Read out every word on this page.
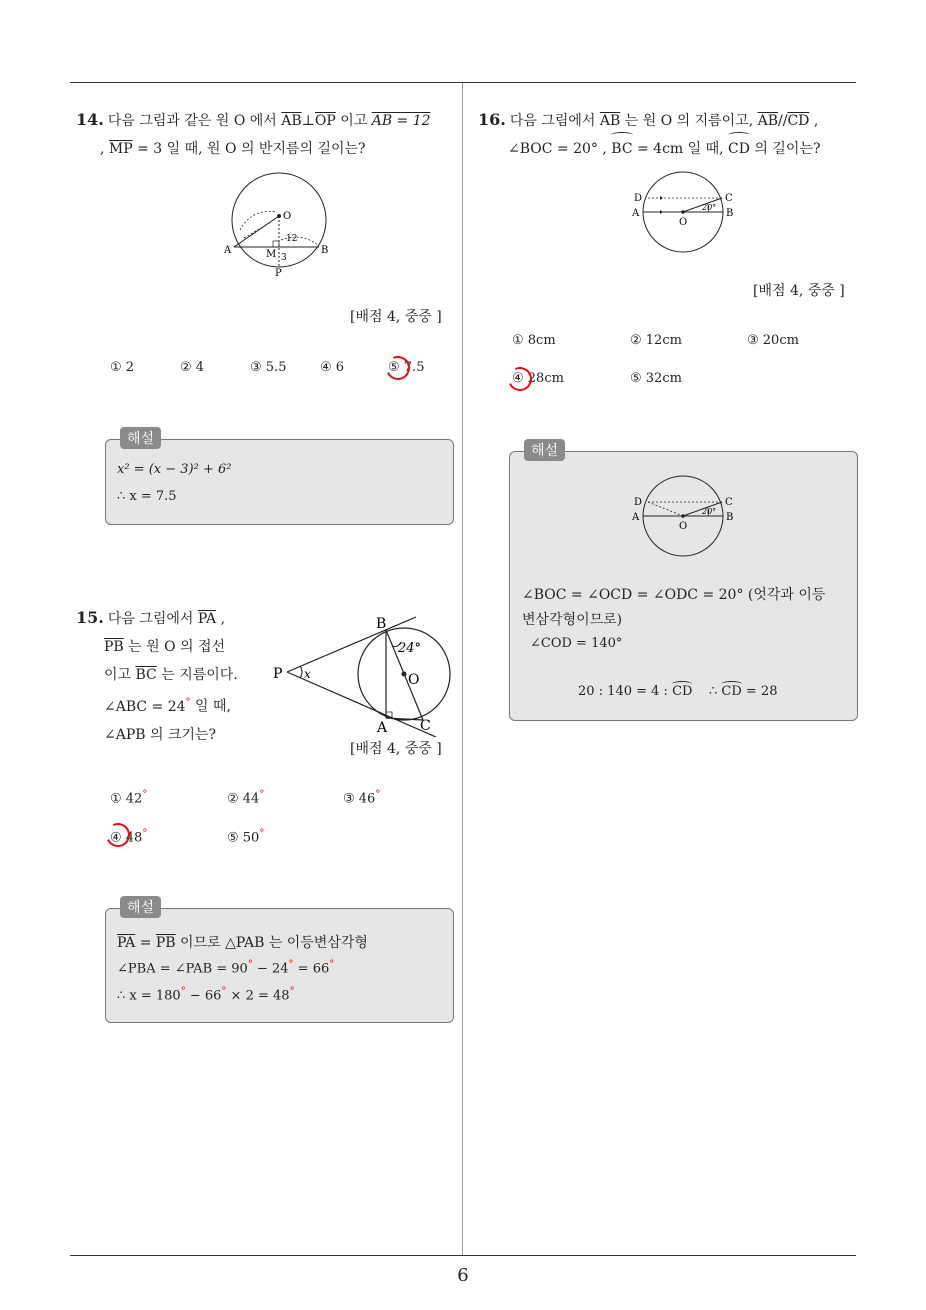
14. 다음 그림과 같은 원 O 에서 $\overline{AB}\perp\overline{OP}$ 이고 AB = 12
, $\overline{MP} = 3$ 일 때, 원 O 의 반지름의 길이는?
O
A	B
12
M 3
P
[배점 4, 중중 ]
① 2	② 4	③ 5.5	④ 6	⑤ 7.5
해설
x² = (x − 3)² + 6²
∴ x = 7.5
15. 다음 그림에서 $\overline{PA}$ ,
$\overline{PB}$ 는 원 O 의 접선
이고 $\overline{BC}$ 는 지름이다.
∠ABC = 24° 일 때,
∠APB 의 크기는?
B
P x
24°
O
A C
[배점 4, 중중 ]
① 42°	② 44°	③ 46°
④ 48°	⑤ 50°
해설
$\overline{PA} = \overline{PB}$ 이므로 △PAB 는 이등변삼각형
∠PBA = ∠PAB = 90° − 24° = 66°
∴ x = 180° − 66° × 2 = 48°
16. 다음 그림에서 $\overline{AB}$ 는 원 O 의 지름이고, $\overline{AB}//\overline{CD}$ ,
∠BOC = 20° , BC = 4cm 일 때, CD 의 길이는?
D	C
A	B
O
20°
[배점 4, 중중 ]
① 8cm	② 12cm	③ 20cm
④ 28cm	⑤ 32cm
해설
D	C
A	B
O
20°
∠BOC = ∠OCD = ∠ODC = 20° (엇각과 이등
변삼각형이므로)
∠COD = 140°
20 : 140 = 4 : CD    ∴ CD = 28
6
